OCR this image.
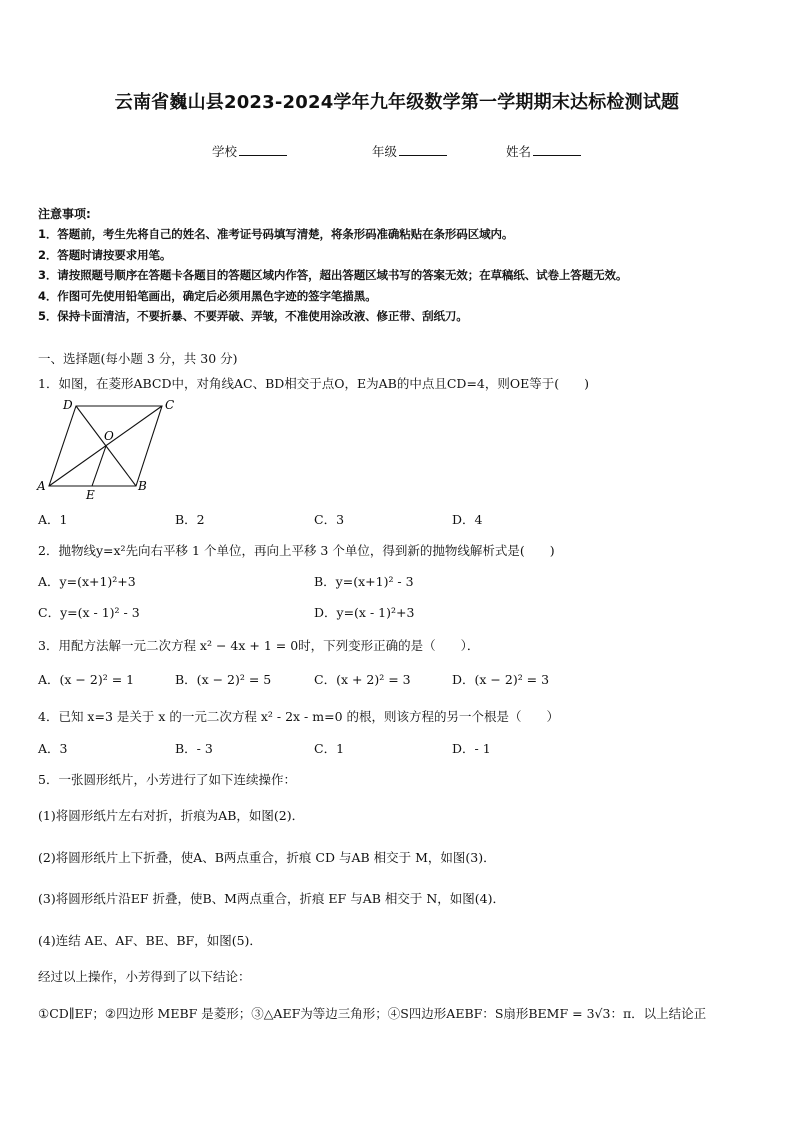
云南省巍山县2023-2024学年九年级数学第一学期期末达标检测试题
学校	年级	姓名
注意事项:
1．答题前，考生先将自己的姓名、准考证号码填写清楚，将条形码准确粘贴在条形码区域内。
2．答题时请按要求用笔。
3．请按照题号顺序在答题卡各题目的答题区域内作答，超出答题区域书写的答案无效；在草稿纸、试卷上答题无效。
4．作图可先使用铅笔画出，确定后必须用黑色字迹的签字笔描黑。
5．保持卡面清洁，不要折暴、不要弄破、弄皱，不准使用涂改液、修正带、刮纸刀。
一、选择题(每小题 3 分，共 30 分)
1．如图，在菱形ABCD中，对角线AC、BD相交于点O，E为AB的中点且CD=4，则OE等于(　　)
D	C
O
A	B
E
A．1	B．2	C．3	D．4
2．抛物线y=x²先向右平移 1 个单位，再向上平移 3 个单位，得到新的抛物线解析式是(　　)
A．y=(x+1)²+3	B．y=(x+1)² - 3
C．y=(x - 1)² - 3	D．y=(x - 1)²+3
3．用配方法解一元二次方程 x² − 4x + 1 = 0时，下列变形正确的是（　　）．
A．(x − 2)² = 1	B．(x − 2)² = 5	C．(x + 2)² = 3	D．(x − 2)² = 3
4．已知 x=3 是关于 x 的一元二次方程 x² - 2x - m=0 的根，则该方程的另一个根是（　　）
A．3	B．- 3	C．1	D．- 1
5．一张圆形纸片，小芳进行了如下连续操作：
(1)将圆形纸片左右对折，折痕为AB，如图(2)．
(2)将圆形纸片上下折叠，使A、B两点重合，折痕 CD 与AB 相交于 M，如图(3)．
(3)将圆形纸片沿EF 折叠，使B、M两点重合，折痕 EF 与AB 相交于 N，如图(4)．
(4)连结 AE、AF、BE、BF，如图(5)．
经过以上操作，小芳得到了以下结论：
①CD∥EF；②四边形 MEBF 是菱形；③△AEF为等边三角形；④S四边形AEBF：S扇形BEMF = 3√3：π．以上结论正
